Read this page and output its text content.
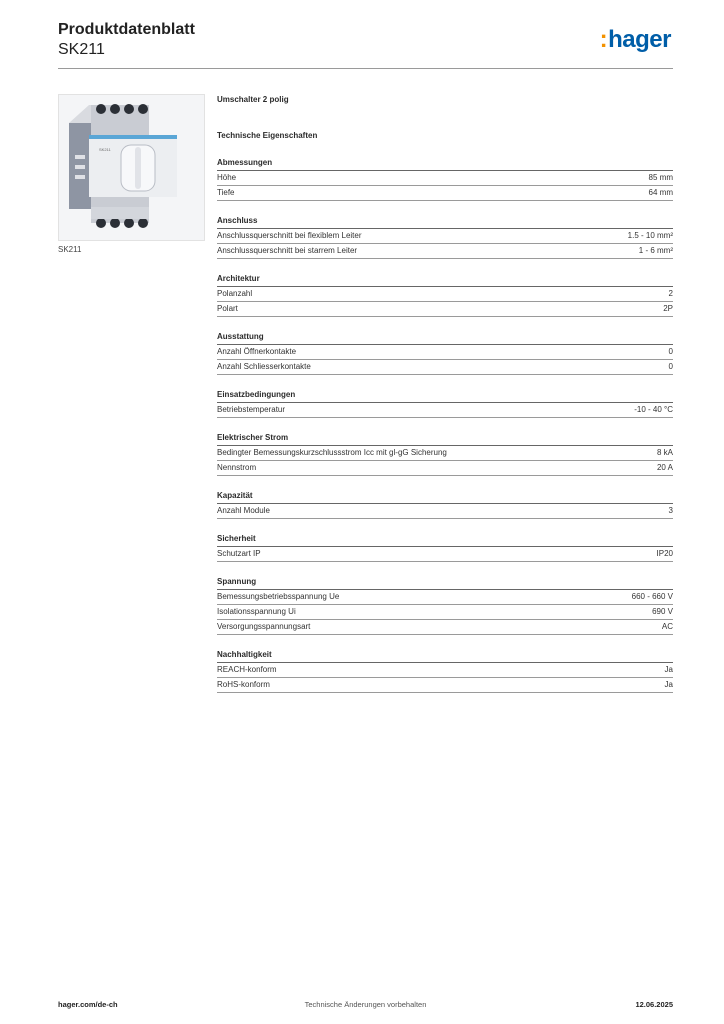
Produktdatenblatt
SK211	:hager
SK211
SK211
Umschalter 2 polig
Technische Eigenschaften
Abmessungen
Höhe	85 mm
Tiefe	64 mm
Anschluss
Anschlussquerschnitt bei flexiblem Leiter	1.5 - 10 mm²
Anschlussquerschnitt bei starrem Leiter	1 - 6 mm²
Architektur
Polanzahl	2
Polart	2P
Ausstattung
Anzahl Öffnerkontakte	0
Anzahl Schliesserkontakte	0
Einsatzbedingungen
Betriebstemperatur	-10 - 40 °C
Elektrischer Strom
Bedingter Bemessungskurzschlussstrom Icc mit gl-gG Sicherung	8 kA
Nennstrom	20 A
Kapazität
Anzahl Module	3
Sicherheit
Schutzart IP	IP20
Spannung
Bemessungsbetriebsspannung Ue	660 - 660 V
Isolationsspannung Ui	690 V
Versorgungsspannungsart	AC
Nachhaltigkeit
REACH-konform	Ja
RoHS-konform	Ja
hager.com/de-ch	Technische Änderungen vorbehalten	12.06.2025
